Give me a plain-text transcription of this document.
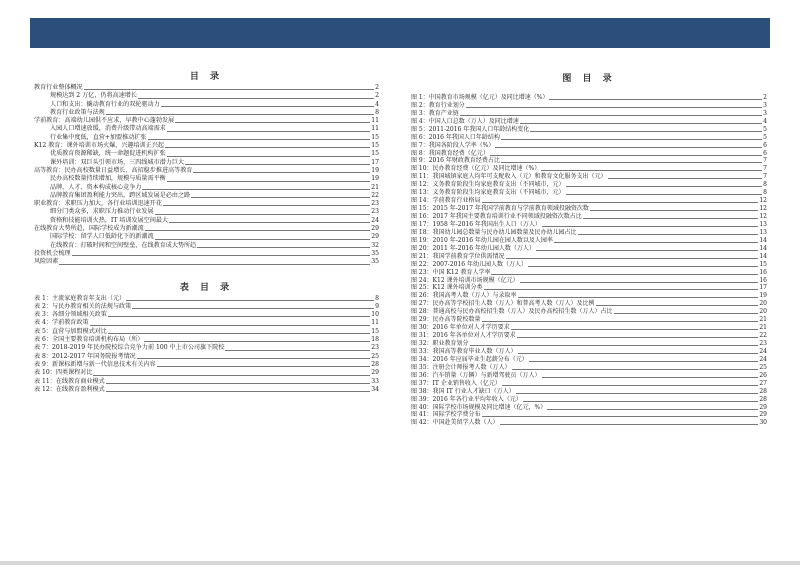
目 录
教育行业整体概况	2
规模达到 2 万亿，仍将高速增长	2
人口和支出：撬动教育行业的双轮驱动力	4
教育行业政策与法规	8
学前教育：高端幼儿园供不应求，早教中心蓬勃发展	11
入园人口增速放缓，消费升级带动高端需求	11
行业集中度低，直营+加盟推动扩张	15
K12 教育：课外培训市场火爆，兴趣培训正兴起	15
优质教育资源稀缺，统一命题促进机构扩张	15
课外培训：双巨头引领市场，三四线城市潜力巨大	17
高等教育：民办高校数量日益增长，高招稳步推进高等教育	19
民办高校数量持续增加，规模与质量需平衡	19
品牌、人才、资本构成核心竞争力	21
品牌教育集团盈利能力突出，跨区域发展是必由之路	22
职业教育：求职压力加大，各行业培训迅速开花	23
细分门类众多，求职压力推动行业发展	23
资格和技能培训火热，IT 培训发展空间最大	24
在线教育大势所趋，国际学校成为新潮流	29
国际学校：留学人口低龄化下的新潮流	29
在线教育：打破时间和空间壁垒，在线教育成大势所趋	32
投资机会梳理	35
风险因素	35
表 目 录
表 1：主流家庭教育年支出（元）	8
表 2：与民办教育相关的法规与政策	9
表 3：各细分领域相关政策	10
表 4：学前教育政策	11
表 5：直营与加盟模式对比	15
表 6：全国主要教育培训机构布局（所）	18
表 7：2018-2019 年民办院校综合竞争力前 100 中上市公司旗下院校	23
表 8：2012-2017 年国务院报考情况	25
表 9：新课标新增与新一代信息技术有关内容	28
表 10：四类课程对比	29
表 11：在线教育商业模式	33
表 12：在线教育盈利模式	34
图 目 录
图 1：中国教育市场规模（亿元）及同比增速（%）	2
图 2：教育行业划分	3
图 3：教育产业链	3
图 4：中国人口总数（万人）及同比增速	4
图 5：2011-2016 年我国人口年龄结构变化	5
图 6：2016 年我国人口年龄结构	5
图 7：我国各阶段人学率（%）	6
图 8：我国教育经费（亿元）	6
图 9：2016 年财政教育经费占比	7
图 10：民办教育经费（亿元）及同比增速（%）	7
图 11：我国城镇家庭人均年可支配收入（元）和教育文化服务支出（元）	7
图 12：义务教育阶段生均家庭教育支出（不同城市，元）	8
图 13：义务教育阶段生均家庭教育支出（不同城市，元）	8
图 14：学前教育行业格局	12
图 15：2015 年-2017 年我国学前教育与学前教育领域投融资次数	12
图 16：2017 年我国主要教育培训行业不同领域投融资次数占比	12
图 17：1958 年-2016 年我国出生人口（万人）	13
图 18：我国幼儿园总数量与民办幼儿园数量及民办幼儿园占比	13
图 19：2010 年-2016 年幼儿园在园人数以及人园率	14
图 20：2011 年-2016 年幼儿园人数（万人）	14
图 21：我国学前教育学位供需情况	14
图 22：2007-2016 年幼儿园人数（万人）	15
图 23：中国 K12 教育人学率	16
图 24：K12 课外培训市场规模（亿元）	16
图 25：K12 课外培训分类	17
图 26：我国高考人数（万人）与录取率	19
图 27：民办高等学校招生人数（万人）和普高考人数（万人）及比例	20
图 28：普通高校与民办高校招生数（万人）及民办高校招生数（万人）占比	20
图 29：民办高等院校数量	21
图 30：2016 年单位对人才学历要求	21
图 31：2016 年各单位对人才学历要求	22
图 32：职业教育划分	23
图 33：我国高等教育毕业人数（万人）	24
图 34：2016 年应届毕业生起薪分布（元）	24
图 35：注册会计师报考人数（万人）	25
图 36：汽车销量（万辆）与新增驾驶员（万人）	26
图 37：IT 企业销售收入（亿元）	27
图 38：我国 IT 行业人才缺口（万人）	28
图 39：2016 年各行业平均年收入（元）	28
图 40：国际学校市场规模及同比增速（亿元，%）	29
图 41：国际学校学费分布	29
图 42：中国赴美留学人数（人）	30
